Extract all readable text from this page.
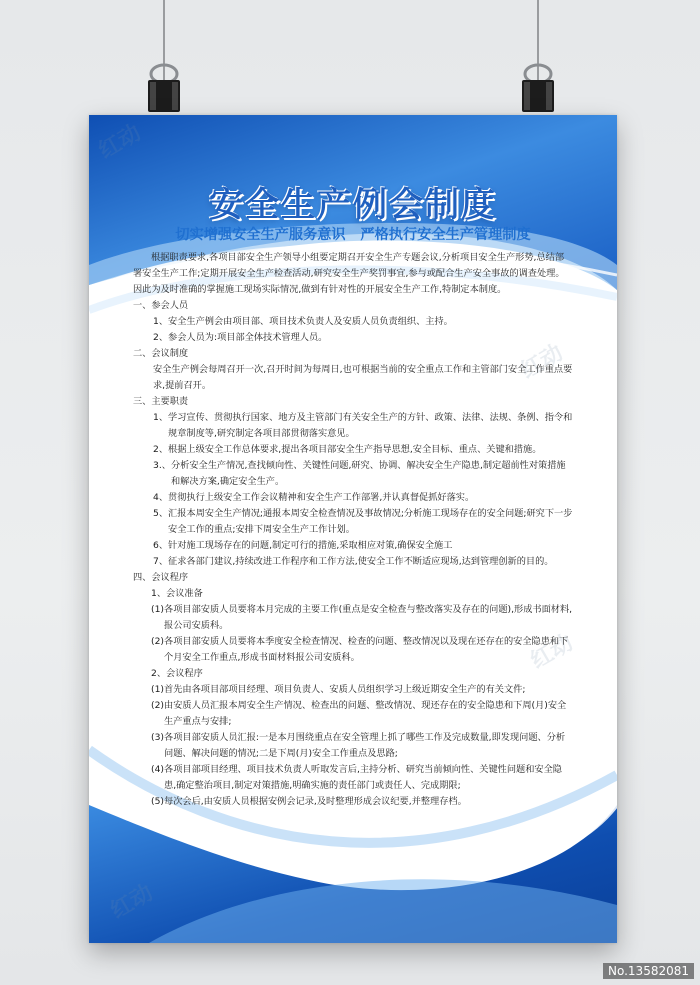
红动
红动
红动
红动
安全生产例会制度
切实增强安全生产服务意识   严格执行安全生产管理制度
根据职责要求,各项目部安全生产领导小组要定期召开安全生产专题会议,分析项目安全生产形势,总结部署安全生产工作;定期开展安全生产检查活动,研究安全生产奖罚事宜,参与或配合生产安全事故的调查处理。因此为及时准确的掌握施工现场实际情况,做到有针对性的开展安全生产工作,特制定本制度。
一、参会人员
1、 安全生产例会由项目部、项目技术负责人及安质人员负责组织、主持。
2、 参会人员为:项目部全体技术管理人员。
二、会议制度
安全生产例会每周召开一次,召开时间为每周日,也可根据当前的安全重点工作和主管部门安全工作重点要求,提前召开。
三、主要职责
1、 学习宣传、贯彻执行国家、地方及主管部门有关安全生产的方针、政策、法律、法规、条例、指令和规章制度等,研究制定各项目部贯彻落实意见。
2、 根据上级安全工作总体要求,提出各项目部安全生产指导思想,安全目标、重点、关键和措施。
3.、 分析安全生产情况,查找倾向性、关键性问题,研究、协调、解决安全生产隐患,制定超前性对策措施和解决方案,确定安全生产。
4、 贯彻执行上级安全工作会议精神和安全生产工作部署,并认真督促抓好落实。
5、 汇报本周安全生产情况;通报本周安全检查情况及事故情况;分析施工现场存在的安全问题;研究下一步安全工作的重点;安排下周安全生产工作计划。
6、 针对施工现场存在的问题,制定可行的措施,采取相应对策,确保安全施工
7、 征求各部门建议,持续改进工作程序和工作方法,使安全工作不断适应现场,达到管理创新的目的。
四、会议程序
1、会议准备
(1) 各项目部安质人员要将本月完成的主要工作(重点是安全检查与整改落实及存在的问题),形成书面材料,报公司安质科。
(2) 各项目部安质人员要将本季度安全检查情况、检查的问题、整改情况以及现在还存在的安全隐患和下个月安全工作重点,形成书面材料报公司安质科。
2、会议程序
(1) 首先由各项目部项目经理、项目负责人、安质人员组织学习上级近期安全生产的有关文件;
(2) 由安质人员汇报本周安全生产情况、检查出的问题、整改情况、现还存在的安全隐患和下周(月)安全生产重点与安排;
(3) 各项目部安质人员汇报:一是本月围绕重点在安全管理上抓了哪些工作及完成数量,即发现问题、分析问题、解决问题的情况;二是下周(月)安全工作重点及思路;
(4) 各项目部项目经理、项目技术负责人听取发言后,主持分析、研究当前倾向性、关键性问题和安全隐患,确定整治项目,制定对策措施,明确实施的责任部门或责任人、完成期限;
(5) 每次会后,由安质人员根据安例会记录,及时整理形成会议纪要,并整理存档。
No.13582081
